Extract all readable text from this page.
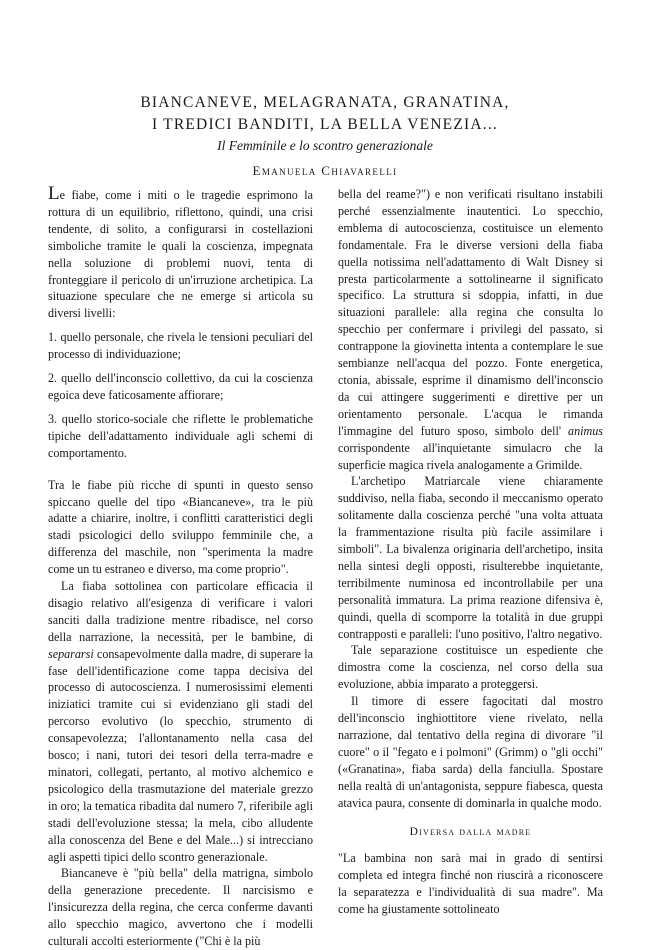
BIANCANEVE, MELAGRANATA, GRANATINA,
I TREDICI BANDITI, LA BELLA VENEZIA...
Il Femminile e lo scontro generazionale
Emanuela Chiavarelli

Le fiabe, come i miti o le tragedie esprimono la rottura di un equilibrio, riflettono, quindi, una crisi tendente, di solito, a configurarsi in costellazioni simboliche tramite le quali la coscienza, impegnata nella soluzione di problemi nuovi, tenta di fronteggiare il pericolo di un'irruzione archetipica. La situazione speculare che ne emerge si articola su diversi livelli:

1. quello personale, che rivela le tensioni peculiari del processo di individuazione;

2. quello dell'inconscio collettivo, da cui la coscienza egoica deve faticosamente affiorare;

3. quello storico-sociale che riflette le problematiche tipiche dell'adattamento individuale agli schemi di comportamento.

Tra le fiabe più ricche di spunti in questo senso spiccano quelle del tipo «Biancaneve», tra le più adatte a chiarire, inoltre, i conflitti caratteristici degli stadi psicologici dello sviluppo femminile che, a differenza del maschile, non "sperimenta la madre come un tu estraneo e diverso, ma come proprio".

La fiaba sottolinea con particolare efficacia il disagio relativo all'esigenza di verificare i valori sanciti dalla tradizione mentre ribadisce, nel corso della narrazione, la necessità, per le bambine, di separarsi consapevolmente dalla madre, di superare la fase dell'identificazione come tappa decisiva del processo di autocoscienza. I numerosissimi elementi iniziatici tramite cui si evidenziano gli stadi del percorso evolutivo (lo specchio, strumento di consapevolezza; l'allontanamento nella casa del bosco; i nani, tutori dei tesori della terra-madre e minatori, collegati, pertanto, al motivo alchemico e psicologico della trasmutazione del materiale grezzo in oro; la tematica ribadita dal numero 7, riferibile agli stadi dell'evoluzione stessa; la mela, cibo alludente alla conoscenza del Bene e del Male...) si intrecciano agli aspetti tipici dello scontro generazionale.

Biancaneve è "più bella" della matrigna, simbolo della generazione precedente. Il narcisismo e l'insicurezza della regina, che cerca conferme davanti allo specchio magico, avvertono che i modelli culturali accolti esteriormente ("Chi è la più

bella del reame?") e non verificati risultano instabili perché essenzialmente inautentici. Lo specchio, emblema di autocoscienza, costituisce un elemento fondamentale. Fra le diverse versioni della fiaba quella notissima nell'adattamento di Walt Disney si presta particolarmente a sottolinearne il significato specifico. La struttura si sdoppia, infatti, in due situazioni parallele: alla regina che consulta lo specchio per confermare i privilegi del passato, si contrappone la giovinetta intenta a contemplare le sue sembianze nell'acqua del pozzo. Fonte energetica, ctonia, abissale, esprime il dinamismo dell'inconscio da cui attingere suggerimenti e direttive per un orientamento personale. L'acqua le rimanda l'immagine del futuro sposo, simbolo dell' animus corrispondente all'inquietante simulacro che la superficie magica rivela analogamente a Grimilde.

L'archetipo Matriarcale viene chiaramente suddiviso, nella fiaba, secondo il meccanismo operato solitamente dalla coscienza perché "una volta attuata la frammentazione risulta più facile assimilare i simboli". La bivalenza originaria dell'archetipo, insita nella sintesi degli opposti, risulterebbe inquietante, terribilmente numinosa ed incontrollabile per una personalità immatura. La prima reazione difensiva è, quindi, quella di scomporre la totalità in due gruppi contrapposti e paralleli: l'uno positivo, l'altro negativo.

Tale separazione costituisce un espediente che dimostra come la coscienza, nel corso della sua evoluzione, abbia imparato a proteggersi.

Il timore di essere fagocitati dal mostro dell'inconscio inghiottitore viene rivelato, nella narrazione, dal tentativo della regina di divorare "il cuore" o il "fegato e i polmoni" (Grimm) o "gli occhi" («Granatina», fiaba sarda) della fanciulla. Spostare nella realtà di un'antagonista, seppure fiabesca, questa atavica paura, consente di dominarla in qualche modo.

Diversa dalla madre

"La bambina non sarà mai in grado di sentirsi completa ed integra finché non riuscirà a riconoscere la separatezza e l'individualità di sua madre". Ma come ha giustamente sottolineato
